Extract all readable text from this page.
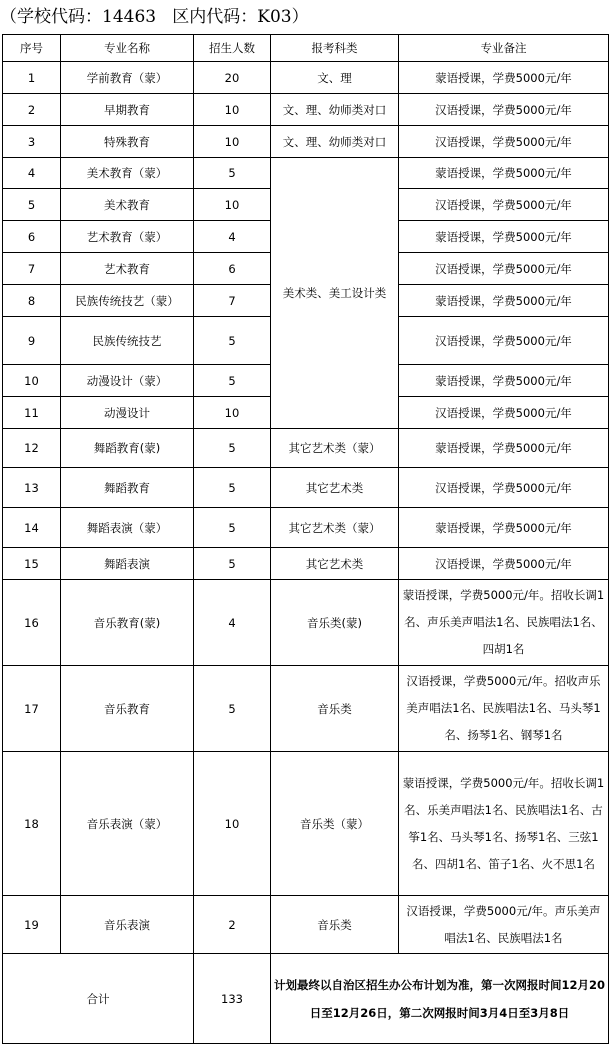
（学校代码：14463   区内代码：K03）
序号	专业名称	招生人数	报考科类	专业备注
1	学前教育（蒙）	20	文、理	蒙语授课，学费5000元/年
2	早期教育	10	文、理、幼师类对口	汉语授课，学费5000元/年
3	特殊教育	10	文、理、幼师类对口	汉语授课，学费5000元/年
4	美术教育（蒙）	5	美术类、美工设计类	蒙语授课，学费5000元/年
5	美术教育	10		汉语授课，学费5000元/年
6	艺术教育（蒙）	4		蒙语授课，学费5000元/年
7	艺术教育	6		汉语授课，学费5000元/年
8	民族传统技艺（蒙）	7		蒙语授课，学费5000元/年
9	民族传统技艺	5		汉语授课，学费5000元/年
10	动漫设计（蒙）	5		蒙语授课，学费5000元/年
11	动漫设计	10		汉语授课，学费5000元/年
12	舞蹈教育(蒙)	5	其它艺术类（蒙）	蒙语授课，学费5000元/年
13	舞蹈教育	5	其它艺术类	汉语授课，学费5000元/年
14	舞蹈表演（蒙）	5	其它艺术类（蒙）	蒙语授课，学费5000元/年
15	舞蹈表演	5	其它艺术类	汉语授课，学费5000元/年
16	音乐教育(蒙)	4	音乐类(蒙)	蒙语授课，学费5000元/年。招收长调1名、声乐美声唱法1名、民族唱法1名、四胡1名
17	音乐教育	5	音乐类	汉语授课，学费5000元/年。招收声乐美声唱法1名、民族唱法1名、马头琴1名、扬琴1名、钢琴1名
18	音乐表演（蒙）	10	音乐类（蒙）	蒙语授课，学费5000元/年。招收长调1名、乐美声唱法1名、民族唱法1名、古筝1名、马头琴1名、扬琴1名、三弦1名、四胡1名、笛子1名、火不思1名
19	音乐表演	2	音乐类	汉语授课，学费5000元/年。声乐美声唱法1名、民族唱法1名
合计		133	计划最终以自治区招生办公布计划为准，第一次网报时间12月20日至12月26日，第二次网报时间3月4日至3月8日	
